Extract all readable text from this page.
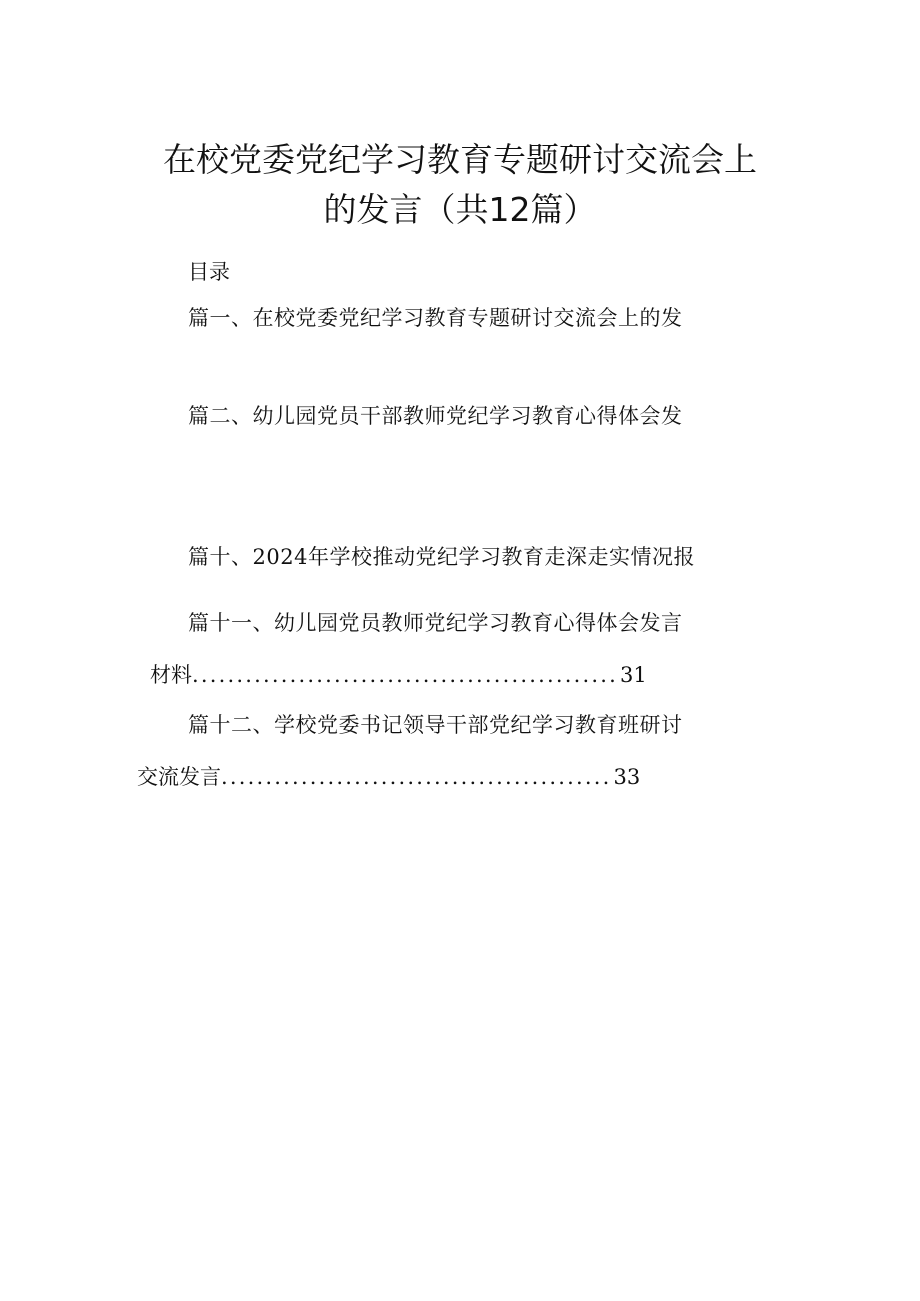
在校党委党纪学习教育专题研讨交流会上
的发言（共12篇）
目录
篇一、在校党委党纪学习教育专题研讨交流会上的发
篇二、幼儿园党员干部教师党纪学习教育心得体会发
篇十、2024年学校推动党纪学习教育走深走实情况报
篇十一、幼儿园党员教师党纪学习教育心得体会发言
材料 ................................................ 31
篇十二、学校党委书记领导干部党纪学习教育班研讨
交流发言 ............................................ 33
